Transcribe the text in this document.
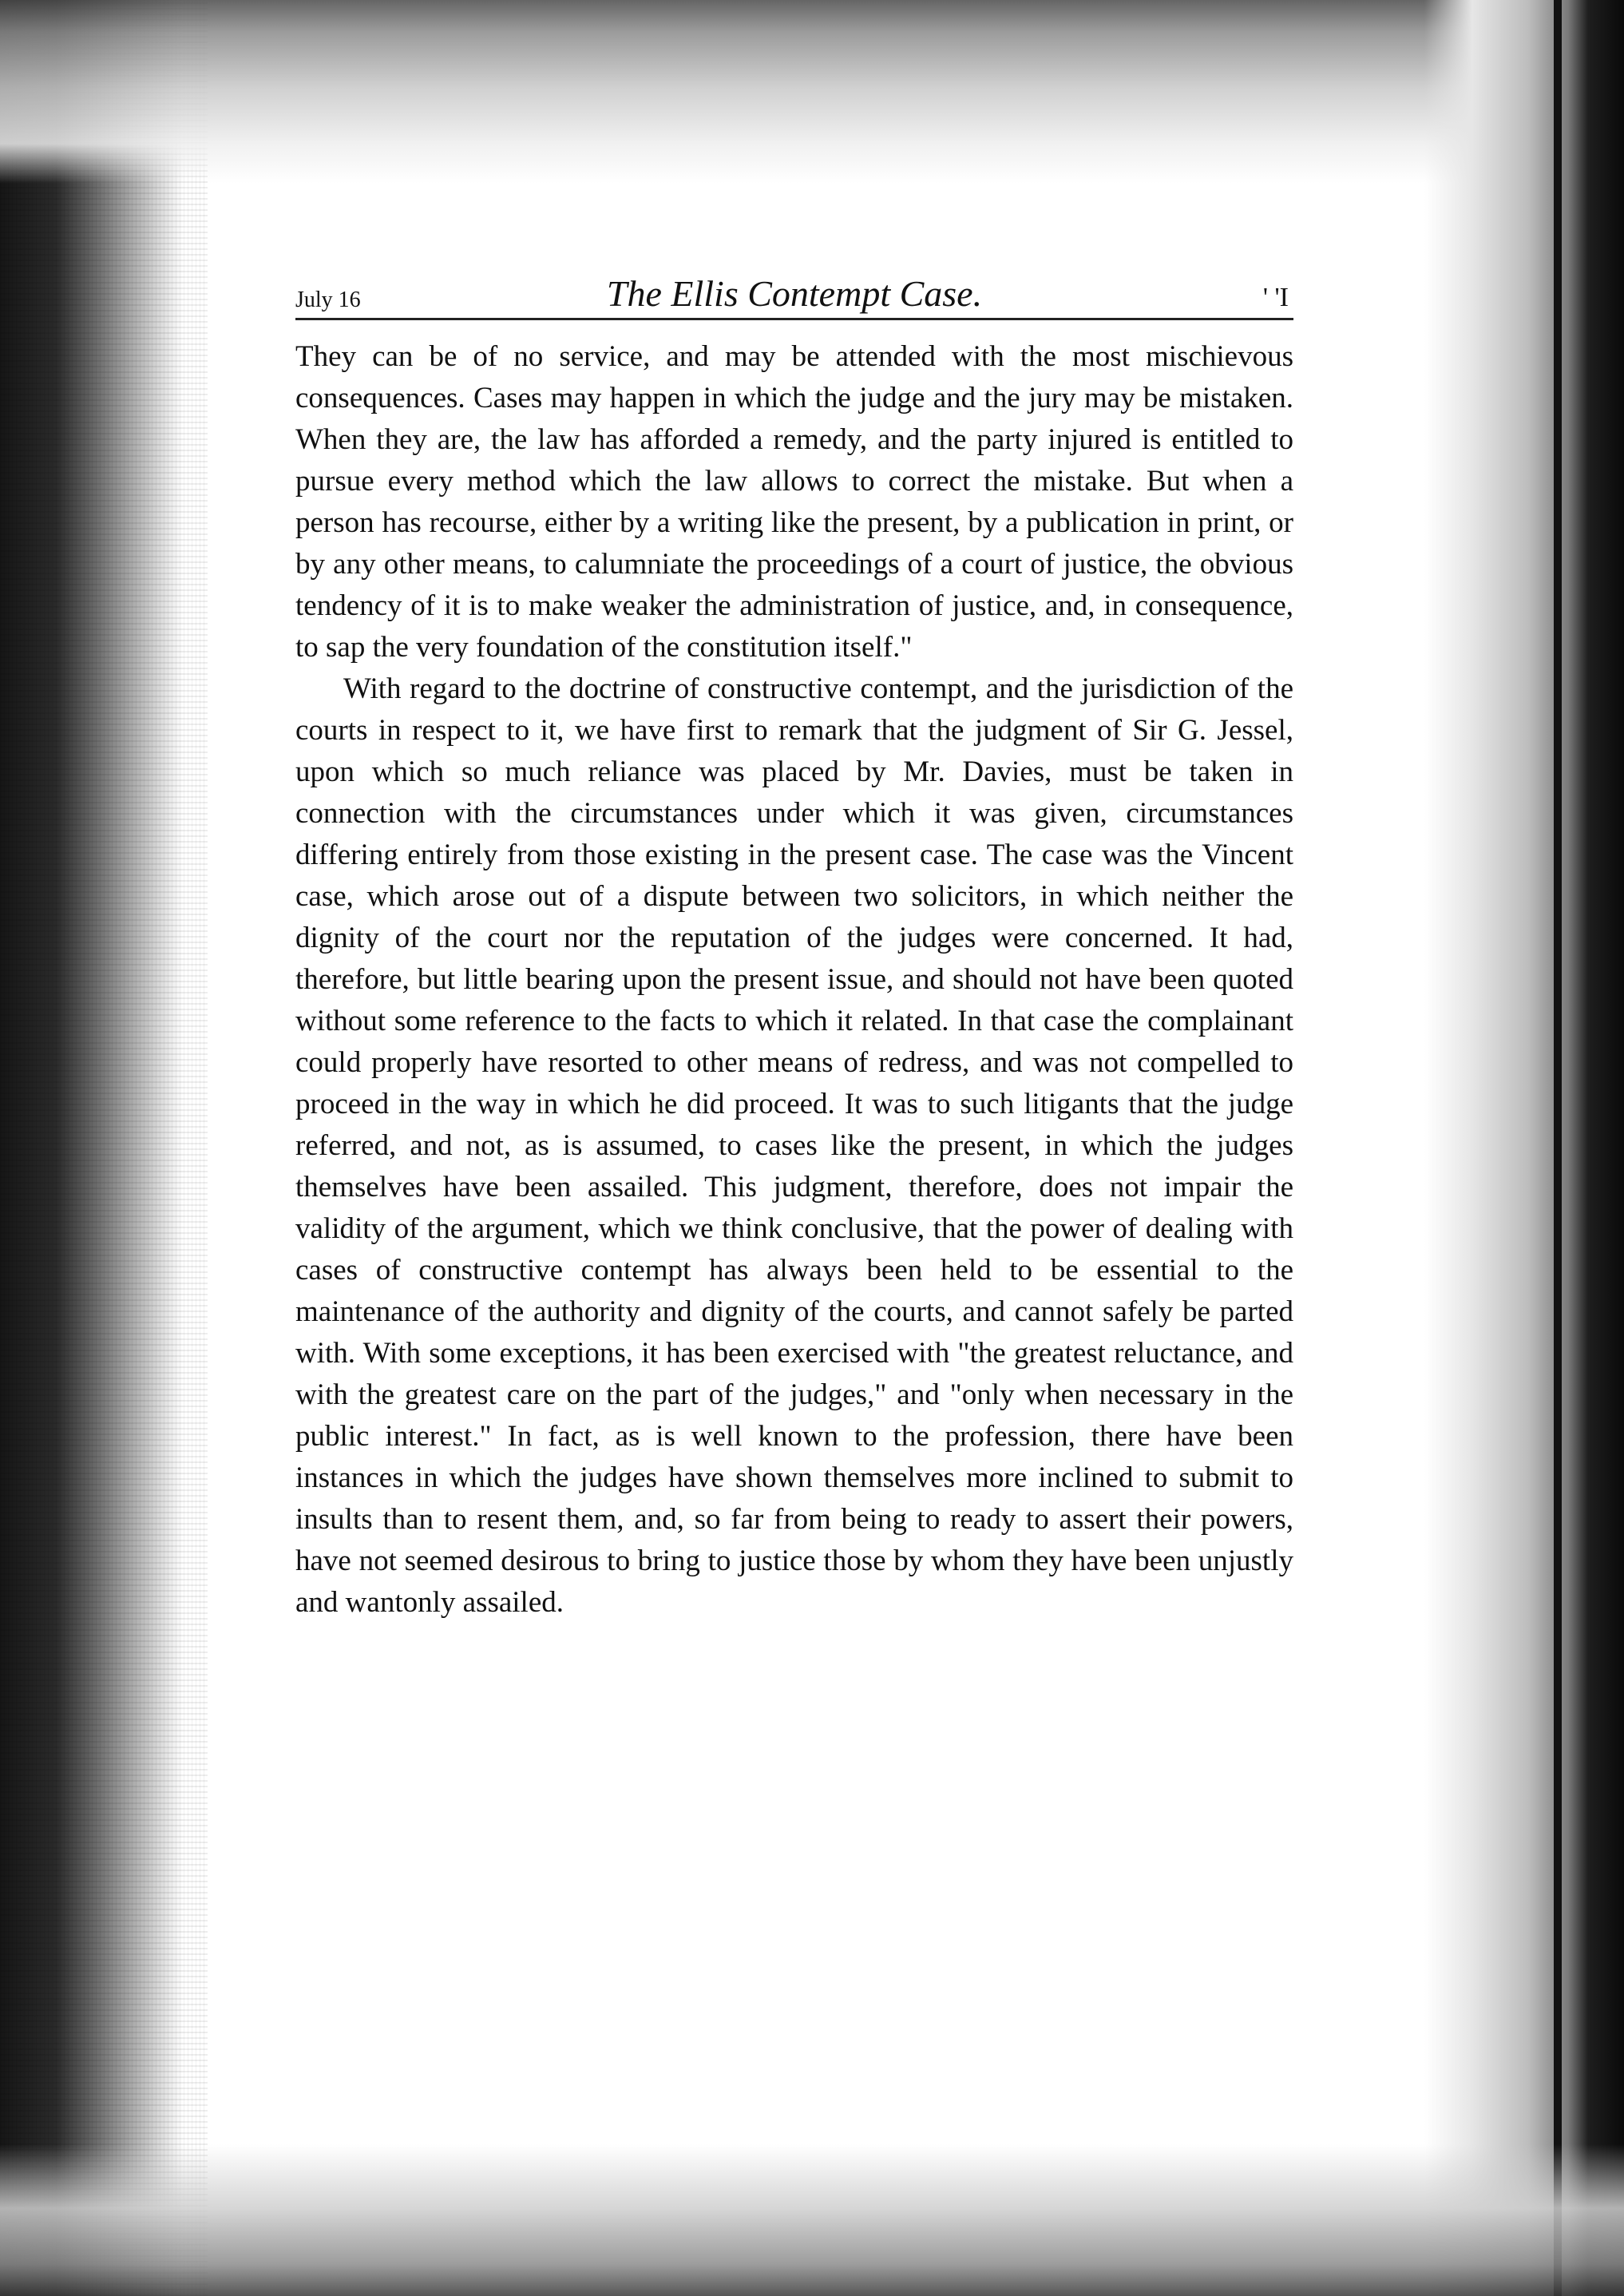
July 16	The Ellis Contempt Case.	' 'I

They can be of no service, and may be attended with the most mischievous consequences. Cases may happen in which the judge and the jury may be mistaken. When they are, the law has afforded a remedy, and the party injured is entitled to pursue every method which the law allows to correct the mistake. But when a person has recourse, either by a writing like the present, by a publication in print, or by any other means, to calumniate the proceedings of a court of justice, the obvious tendency of it is to make weaker the administration of justice, and, in consequence, to sap the very foundation of the constitution itself."

With regard to the doctrine of constructive contempt, and the jurisdiction of the courts in respect to it, we have first to remark that the judgment of Sir G. Jessel, upon which so much reliance was placed by Mr. Davies, must be taken in connection with the circumstances under which it was given, circumstances differing entirely from those existing in the present case. The case was the Vincent case, which arose out of a dispute between two solicitors, in which neither the dignity of the court nor the reputation of the judges were concerned. It had, therefore, but little bearing upon the present issue, and should not have been quoted without some reference to the facts to which it related. In that case the complainant could properly have resorted to other means of redress, and was not compelled to proceed in the way in which he did proceed. It was to such litigants that the judge referred, and not, as is assumed, to cases like the present, in which the judges themselves have been assailed. This judgment, therefore, does not impair the validity of the argument, which we think conclusive, that the power of dealing with cases of constructive contempt has always been held to be essential to the maintenance of the authority and dignity of the courts, and cannot safely be parted with. With some exceptions, it has been exercised with "the greatest reluctance, and with the greatest care on the part of the judges," and "only when necessary in the public interest." In fact, as is well known to the profession, there have been instances in which the judges have shown themselves more inclined to submit to insults than to resent them, and, so far from being to ready to assert their powers, have not seemed desirous to bring to justice those by whom they have been unjustly and wantonly assailed.
